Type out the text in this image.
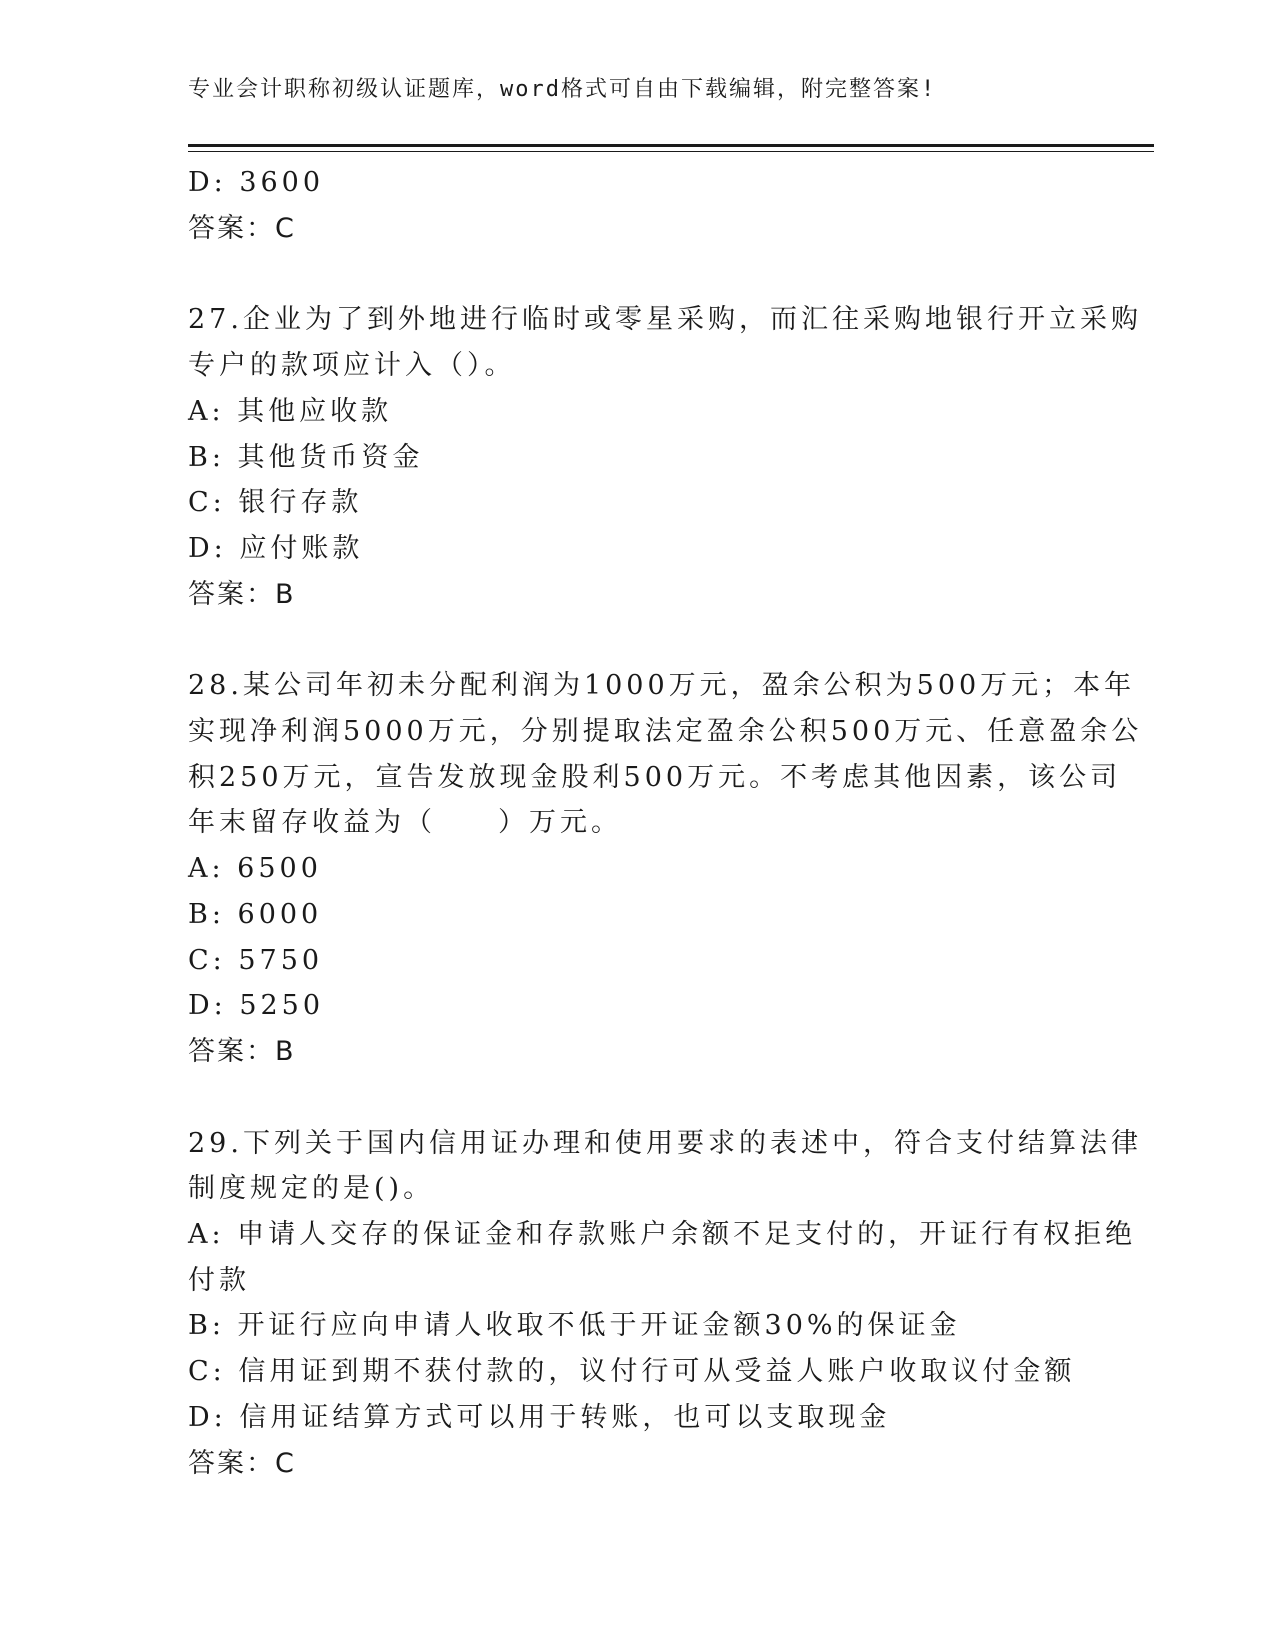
专业会计职称初级认证题库，word格式可自由下载编辑，附完整答案!
D: 3600
答案：C
27.企业为了到外地进行临时或零星采购，而汇往采购地银行开立采购
专户的款项应计入（）。
A: 其他应收款
B: 其他货币资金
C: 银行存款
D: 应付账款
答案：B
28.某公司年初未分配利润为1000万元，盈余公积为500万元；本年
实现净利润5000万元，分别提取法定盈余公积500万元、任意盈余公
积250万元，宣告发放现金股利500万元。不考虑其他因素，该公司
年末留存收益为（　　）万元。
A: 6500
B: 6000
C: 5750
D: 5250
答案：B
29.下列关于国内信用证办理和使用要求的表述中，符合支付结算法律
制度规定的是()。
A: 申请人交存的保证金和存款账户余额不足支付的，开证行有权拒绝
付款
B: 开证行应向申请人收取不低于开证金额30%的保证金
C: 信用证到期不获付款的，议付行可从受益人账户收取议付金额
D: 信用证结算方式可以用于转账，也可以支取现金
答案：C
